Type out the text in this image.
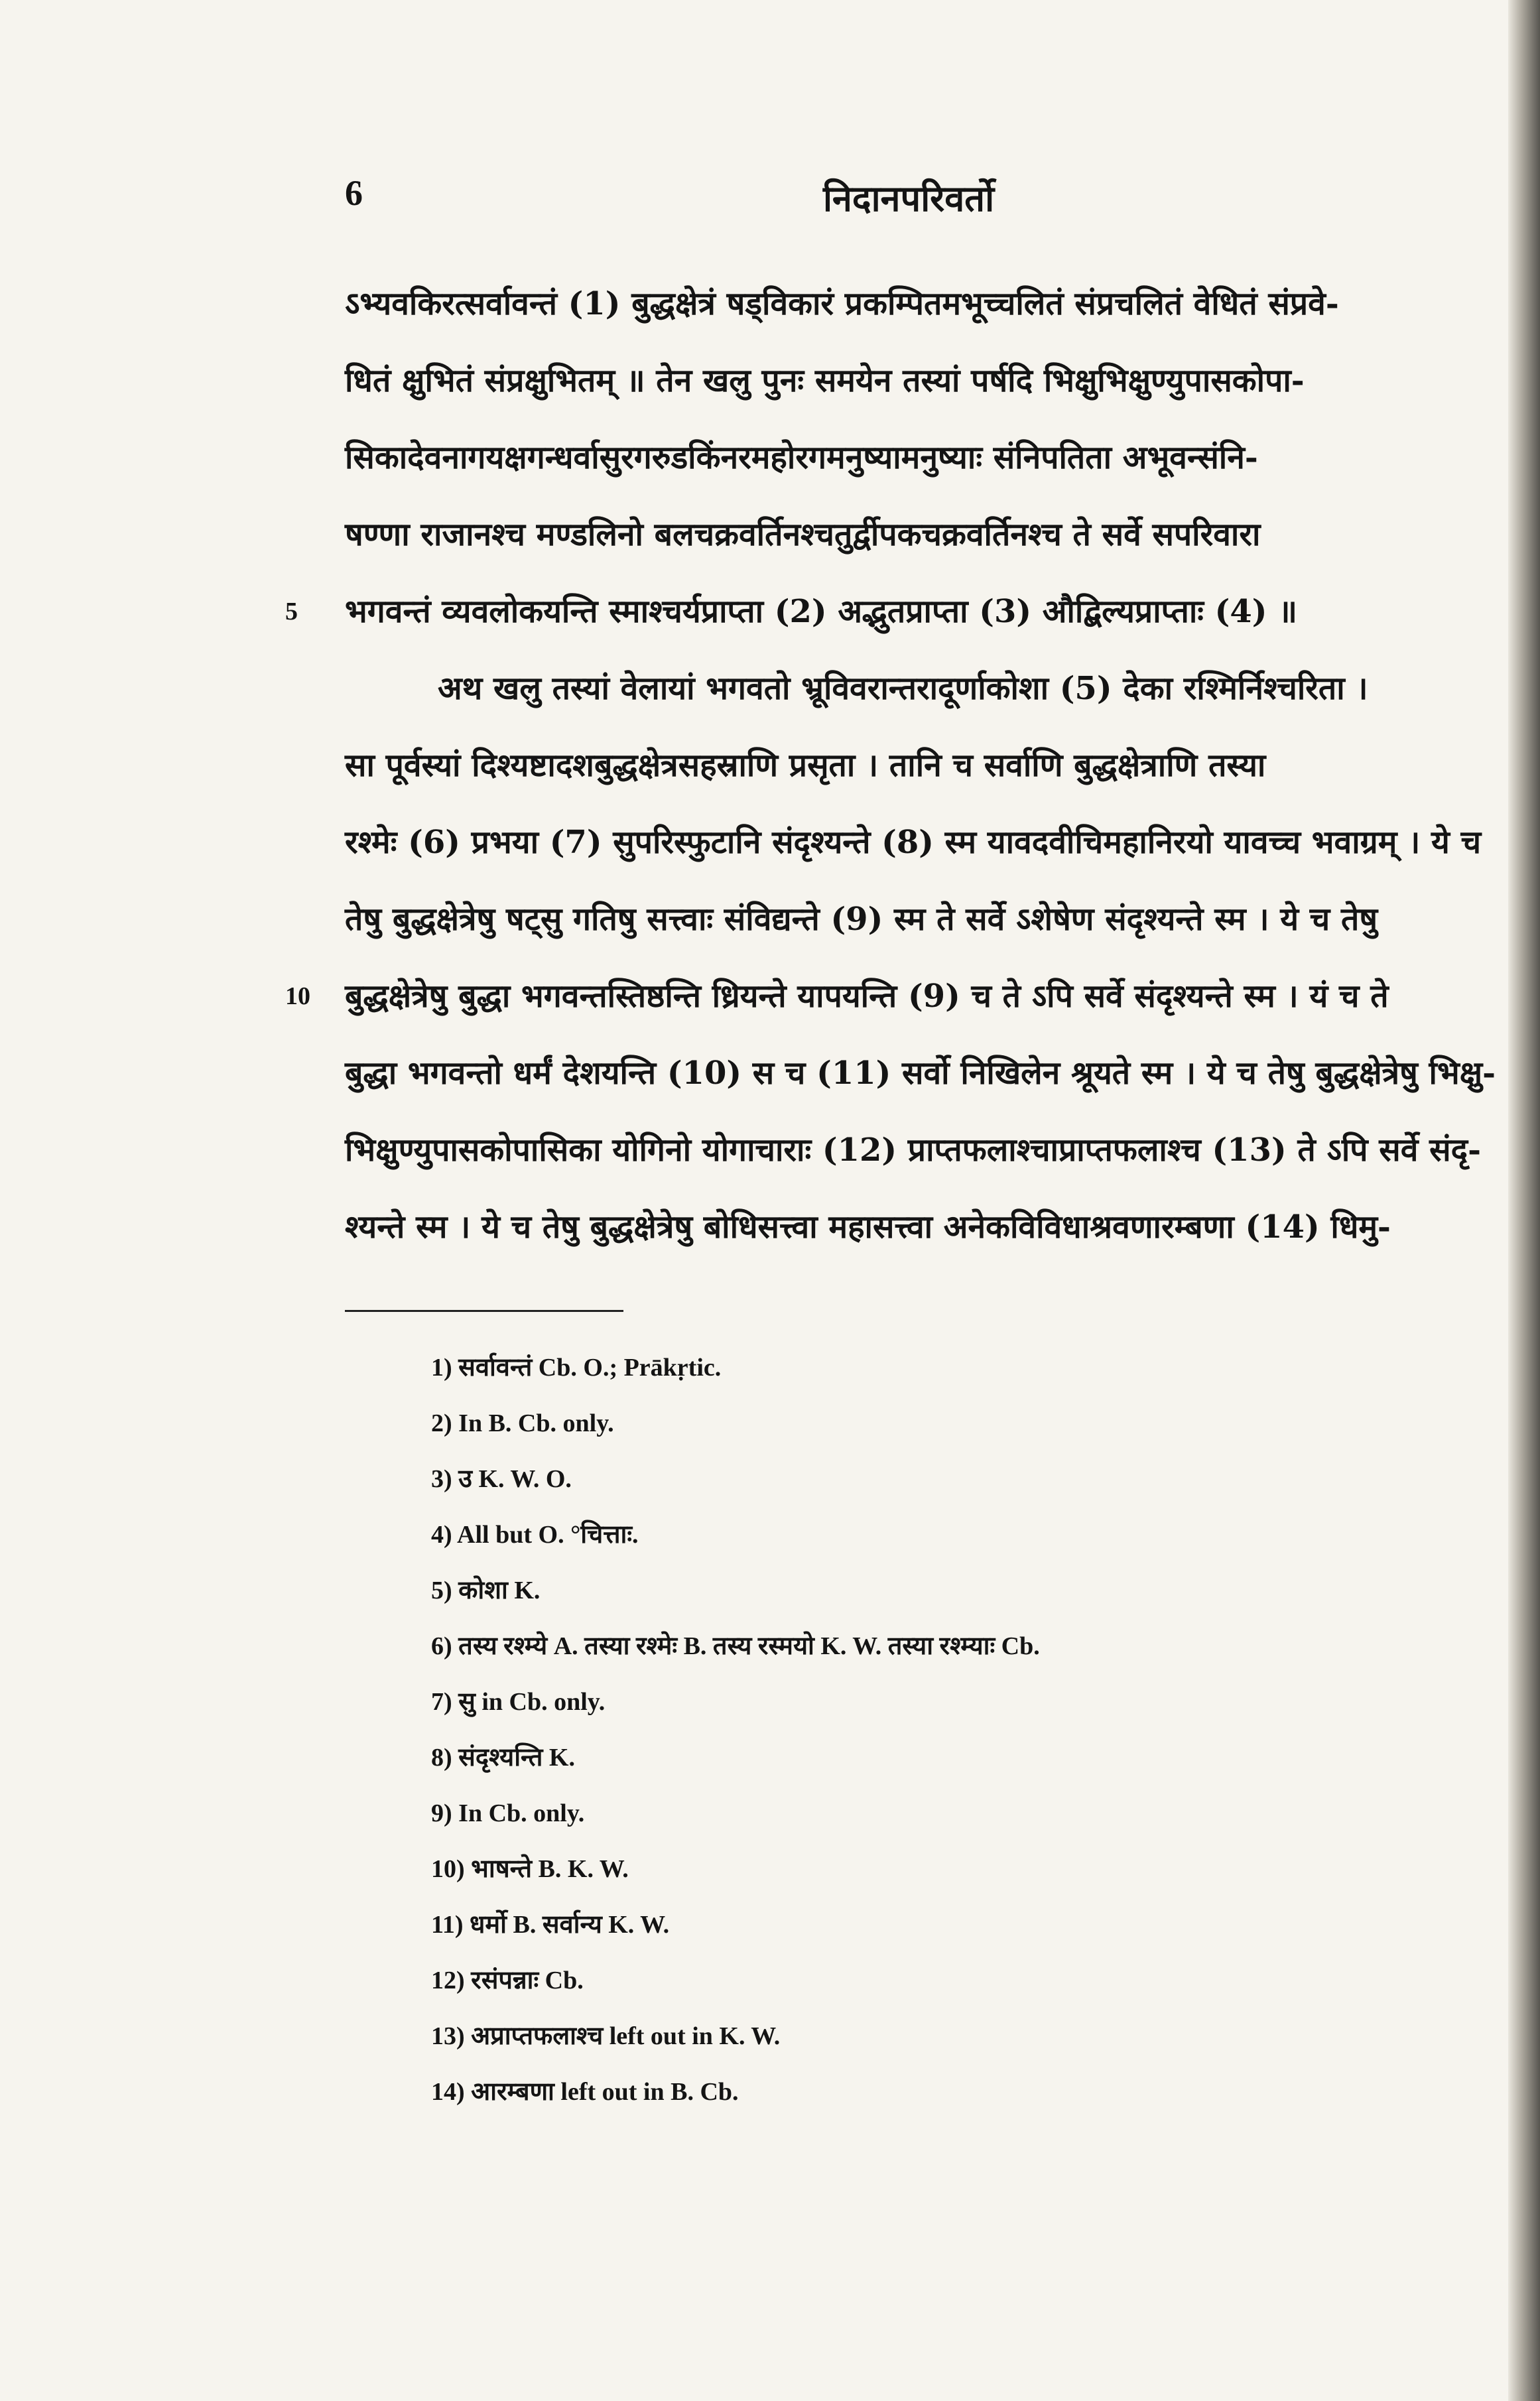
6	निदानपरिवर्तो
ऽभ्यवकिरत्सर्वावन्तं (1) बुद्धक्षेत्रं षड्विकारं प्रकम्पितमभूच्चलितं संप्रचलितं वेधितं संप्रवे-
धितं क्षुभितं संप्रक्षुभितम् ॥ तेन खलु पुनः समयेन तस्यां पर्षदि भिक्षुभिक्षुण्युपासकोपा-
सिकादेवनागयक्षगन्धर्वासुरगरुडकिंनरमहोरगमनुष्यामनुष्याः संनिपतिता अभूवन्संनि-
षण्णा राजानश्च मण्डलिनो बलचक्रवर्तिनश्चतुर्द्वीपकचक्रवर्तिनश्च ते सर्वे सपरिवारा
5 भगवन्तं व्यवलोकयन्ति स्माश्चर्यप्राप्ता (2) अद्भुतप्राप्ता (3) औद्बिल्यप्राप्ताः (4) ॥
अथ खलु तस्यां वेलायां भगवतो भ्रूविवरान्तरादूर्णाकोशा (5) देका रश्मिर्निश्चरिता ।
सा पूर्वस्यां दिश्यष्टादशबुद्धक्षेत्रसहस्राणि प्रसृता । तानि च सर्वाणि बुद्धक्षेत्राणि तस्या
रश्मेः (6) प्रभया (7) सुपरिस्फुटानि संदृश्यन्ते (8) स्म यावदवीचिमहानिरयो यावच्च भवाग्रम् । ये च
तेषु बुद्धक्षेत्रेषु षट्सु गतिषु सत्त्वाः संविद्यन्ते (9) स्म ते सर्वे ऽशेषेण संदृश्यन्ते स्म । ये च तेषु
10 बुद्धक्षेत्रेषु बुद्धा भगवन्तस्तिष्ठन्ति ध्रियन्ते यापयन्ति (9) च ते ऽपि सर्वे संदृश्यन्ते स्म । यं च ते
बुद्धा भगवन्तो धर्मं देशयन्ति (10) स च (11) सर्वो निखिलेन श्रूयते स्म । ये च तेषु बुद्धक्षेत्रेषु भिक्षु-
भिक्षुण्युपासकोपासिका योगिनो योगाचाराः (12) प्राप्तफलाश्चाप्राप्तफलाश्च (13) ते ऽपि सर्वे संदृ-
श्यन्ते स्म । ये च तेषु बुद्धक्षेत्रेषु बोधिसत्त्वा महासत्त्वा अनेकविविधाश्रवणारम्बणा (14) धिमु-
1) सर्वावन्तं Cb. O.; Prākṛtic.
2) In B. Cb. only.
3) उ K. W. O.
4) All but O. °चित्ताः.
5) कोशा K.
6) तस्य रश्म्ये A. तस्या रश्मेः B. तस्य रस्मयो K. W. तस्या रश्म्याः Cb.
7) सु in Cb. only.
8) संदृश्यन्ति K.
9) In Cb. only.
10) भाषन्ते B. K. W.
11) धर्मो B. सर्वान्य K. W.
12) रसंपन्नाः Cb.
13) अप्राप्तफलाश्च left out in K. W.
14) आरम्बणा left out in B. Cb.
